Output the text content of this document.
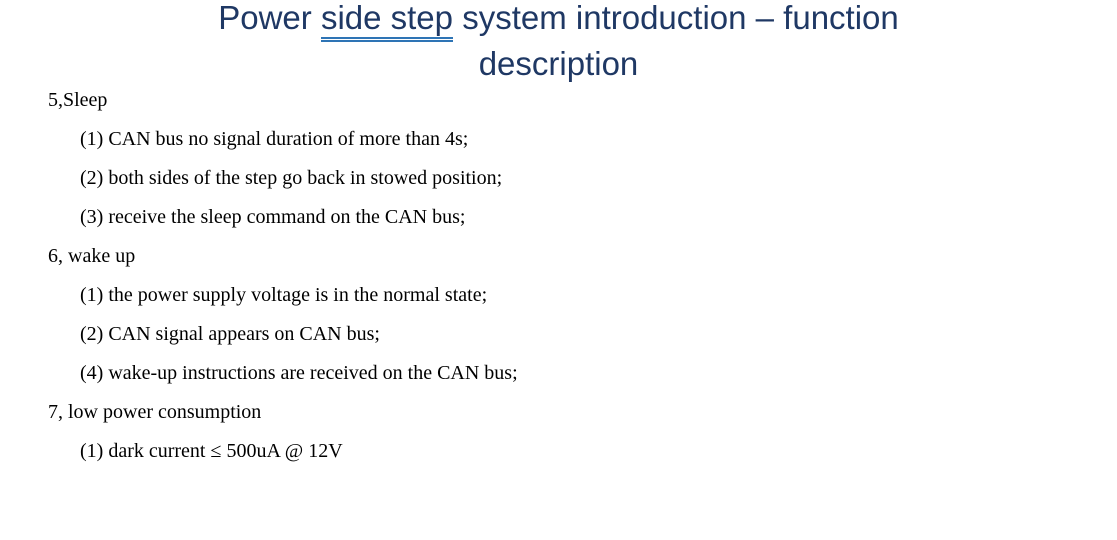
Power side step system introduction – function
description
5,Sleep
(1) CAN bus no signal duration of more than 4s;
(2) both sides of the step go back in stowed position;
(3) receive the sleep command on the CAN bus;
6, wake up
(1) the power supply voltage is in the normal state;
(2) CAN signal appears on CAN bus;
(4) wake-up instructions are received on the CAN bus;
7, low power consumption
(1) dark current ≤ 500uA @ 12V
